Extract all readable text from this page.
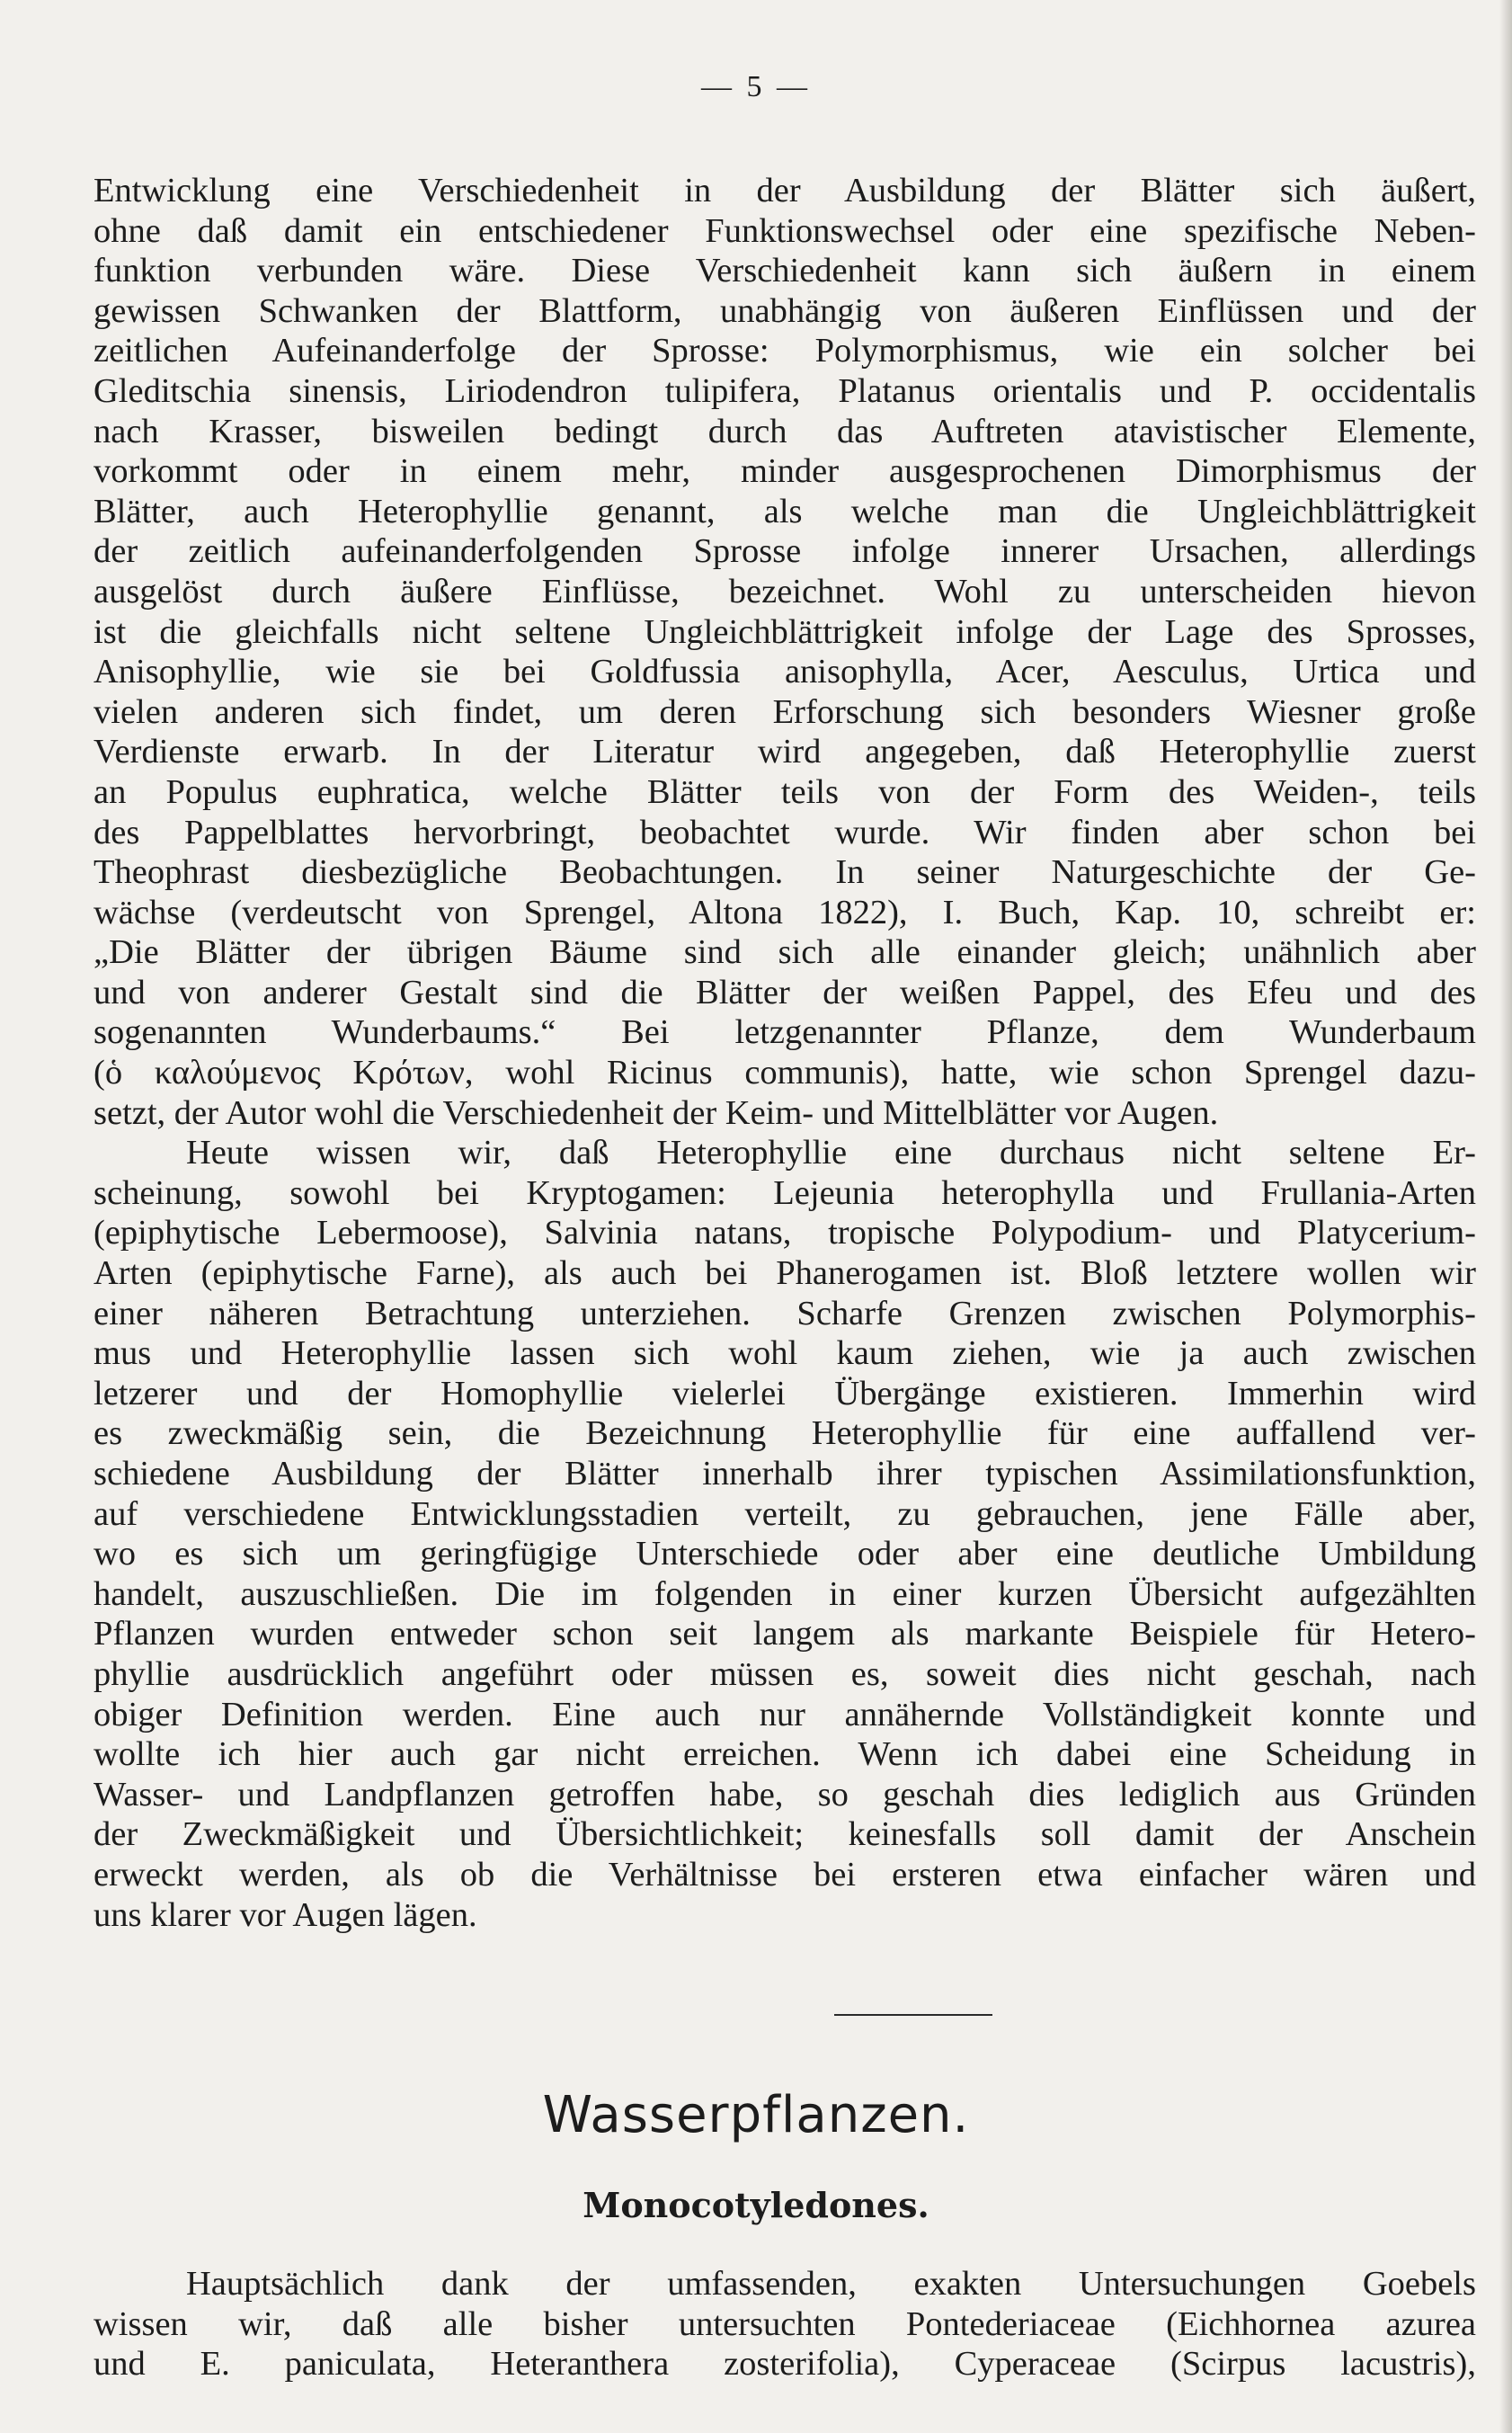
— 5 —
Entwicklung eine Verschiedenheit in der Ausbildung der Blätter sich äußert,
ohne daß damit ein entschiedener Funktionswechsel oder eine spezifische Neben-
funktion verbunden wäre. Diese Verschiedenheit kann sich äußern in einem
gewissen Schwanken der Blattform, unabhängig von äußeren Einflüssen und der
zeitlichen Aufeinanderfolge der Sprosse: Polymorphismus, wie ein solcher bei
Gleditschia sinensis, Liriodendron tulipifera, Platanus orientalis und P. occidentalis
nach Krasser, bisweilen bedingt durch das Auftreten atavistischer Elemente,
vorkommt oder in einem mehr, minder ausgesprochenen Dimorphismus der
Blätter, auch Heterophyllie genannt, als welche man die Ungleichblättrigkeit
der zeitlich aufeinanderfolgenden Sprosse infolge innerer Ursachen, allerdings
ausgelöst durch äußere Einflüsse, bezeichnet. Wohl zu unterscheiden hievon
ist die gleichfalls nicht seltene Ungleichblättrigkeit infolge der Lage des Sprosses,
Anisophyllie, wie sie bei Goldfussia anisophylla, Acer, Aesculus, Urtica und
vielen anderen sich findet, um deren Erforschung sich besonders Wiesner große
Verdienste erwarb. In der Literatur wird angegeben, daß Heterophyllie zuerst
an Populus euphratica, welche Blätter teils von der Form des Weiden-, teils
des Pappelblattes hervorbringt, beobachtet wurde. Wir finden aber schon bei
Theophrast diesbezügliche Beobachtungen. In seiner Naturgeschichte der Ge-
wächse (verdeutscht von Sprengel, Altona 1822), I. Buch, Kap. 10, schreibt er:
„Die Blätter der übrigen Bäume sind sich alle einander gleich; unähnlich aber
und von anderer Gestalt sind die Blätter der weißen Pappel, des Efeu und des
sogenannten Wunderbaums.“ Bei letzgenannter Pflanze, dem Wunderbaum
(ὁ καλούμενος Κρότων, wohl Ricinus communis), hatte, wie schon Sprengel dazu-
setzt, der Autor wohl die Verschiedenheit der Keim- und Mittelblätter vor Augen.
Heute wissen wir, daß Heterophyllie eine durchaus nicht seltene Er-
scheinung, sowohl bei Kryptogamen: Lejeunia heterophylla und Frullania-Arten
(epiphytische Lebermoose), Salvinia natans, tropische Polypodium- und Platycerium-
Arten (epiphytische Farne), als auch bei Phanerogamen ist. Bloß letztere wollen wir
einer näheren Betrachtung unterziehen. Scharfe Grenzen zwischen Polymorphis-
mus und Heterophyllie lassen sich wohl kaum ziehen, wie ja auch zwischen
letzerer und der Homophyllie vielerlei Übergänge existieren. Immerhin wird
es zweckmäßig sein, die Bezeichnung Heterophyllie für eine auffallend ver-
schiedene Ausbildung der Blätter innerhalb ihrer typischen Assimilationsfunktion,
auf verschiedene Entwicklungsstadien verteilt, zu gebrauchen, jene Fälle aber,
wo es sich um geringfügige Unterschiede oder aber eine deutliche Umbildung
handelt, auszuschließen. Die im folgenden in einer kurzen Übersicht aufgezählten
Pflanzen wurden entweder schon seit langem als markante Beispiele für Hetero-
phyllie ausdrücklich angeführt oder müssen es, soweit dies nicht geschah, nach
obiger Definition werden. Eine auch nur annähernde Vollständigkeit konnte und
wollte ich hier auch gar nicht erreichen. Wenn ich dabei eine Scheidung in
Wasser- und Landpflanzen getroffen habe, so geschah dies lediglich aus Gründen
der Zweckmäßigkeit und Übersichtlichkeit; keinesfalls soll damit der Anschein
erweckt werden, als ob die Verhältnisse bei ersteren etwa einfacher wären und
uns klarer vor Augen lägen.
Wasserpflanzen.
Monocotyledones.
Hauptsächlich dank der umfassenden, exakten Untersuchungen Goebels
wissen wir, daß alle bisher untersuchten Pontederiaceae (Eichhornea azurea
und E. paniculata, Heteranthera zosterifolia), Cyperaceae (Scirpus lacustris),
